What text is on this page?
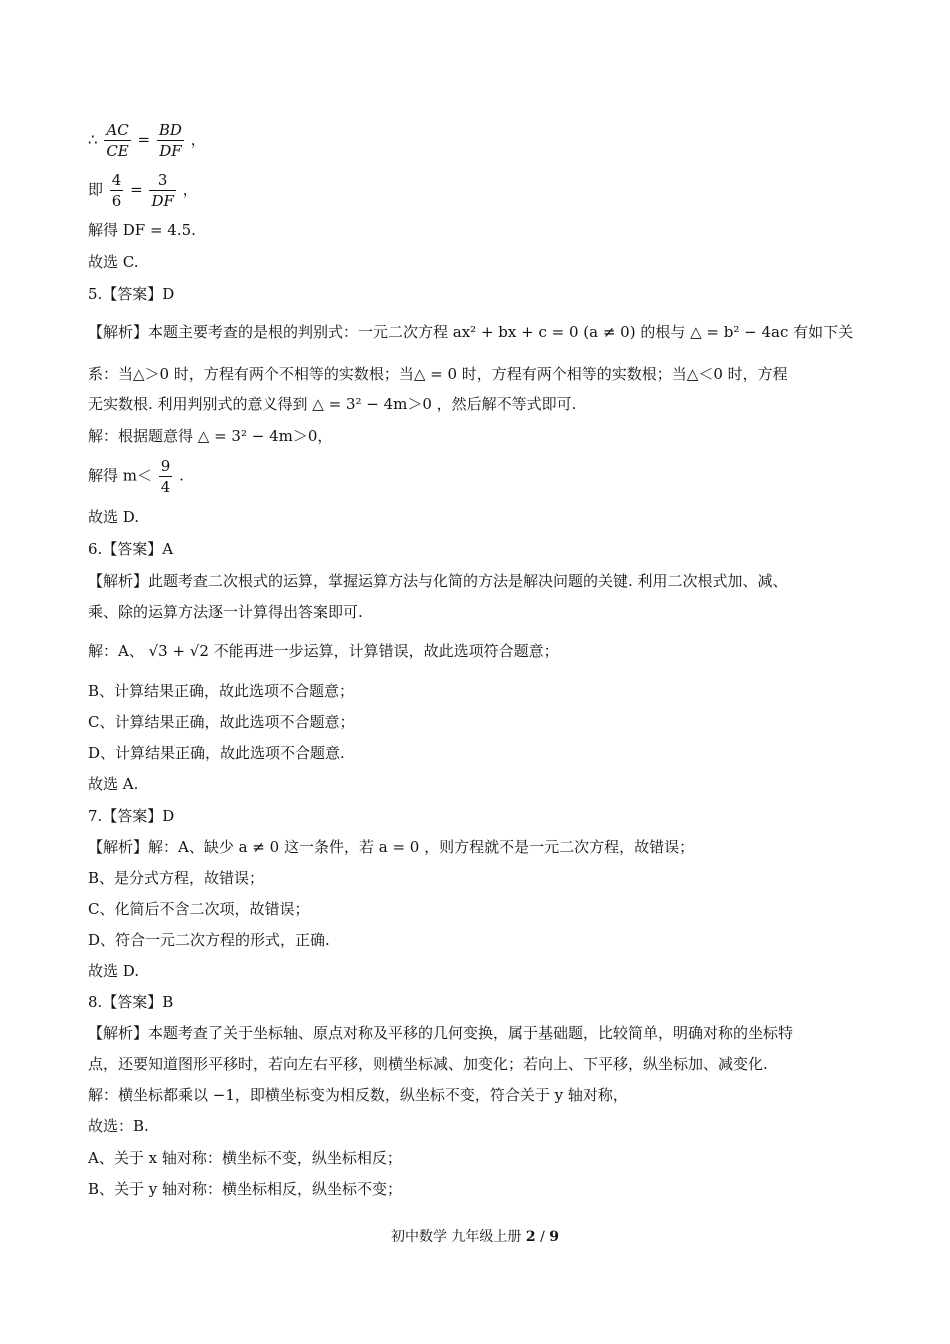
∴ $\frac{AC}{CE} = \frac{BD}{DF}$ ，
即 $\frac{4}{6} = \frac{3}{DF}$ ，
解得 DF = 4.5.
故选 C.
5.【答案】D
【解析】本题主要考查的是根的判别式：一元二次方程 ax² + bx + c = 0 (a ≠ 0) 的根与 △ = b² − 4ac 有如下关
系：当△＞0 时，方程有两个不相等的实数根；当△ = 0 时，方程有两个相等的实数根；当△＜0 时，方程
无实数根. 利用判别式的意义得到 △ = 3² − 4m＞0 ，然后解不等式即可.
解：根据题意得 △ = 3² − 4m＞0，
解得 $m< \frac{9}{4}$ .
故选 D.
6.【答案】A
【解析】此题考查二次根式的运算，掌握运算方法与化简的方法是解决问题的关键. 利用二次根式加、减、
乘、除的运算方法逐一计算得出答案即可.
解：A、 √3 + √2 不能再进一步运算，计算错误，故此选项符合题意；
B、计算结果正确，故此选项不合题意；
C、计算结果正确，故此选项不合题意；
D、计算结果正确，故此选项不合题意.
故选 A.
7.【答案】D
【解析】解：A、缺少 a ≠ 0 这一条件，若 a = 0 ，则方程就不是一元二次方程，故错误；
B、是分式方程，故错误；
C、化简后不含二次项，故错误；
D、符合一元二次方程的形式，正确.
故选 D.
8.【答案】B
【解析】本题考查了关于坐标轴、原点对称及平移的几何变换，属于基础题，比较简单，明确对称的坐标特
点，还要知道图形平移时，若向左右平移，则横坐标减、加变化；若向上、下平移，纵坐标加、减变化.
解：横坐标都乘以 −1，即横坐标变为相反数，纵坐标不变，符合关于 y 轴对称，
故选：B.
A、关于 x 轴对称：横坐标不变，纵坐标相反；
B、关于 y 轴对称：横坐标相反，纵坐标不变；
初中数学 九年级上册 2 / 9
